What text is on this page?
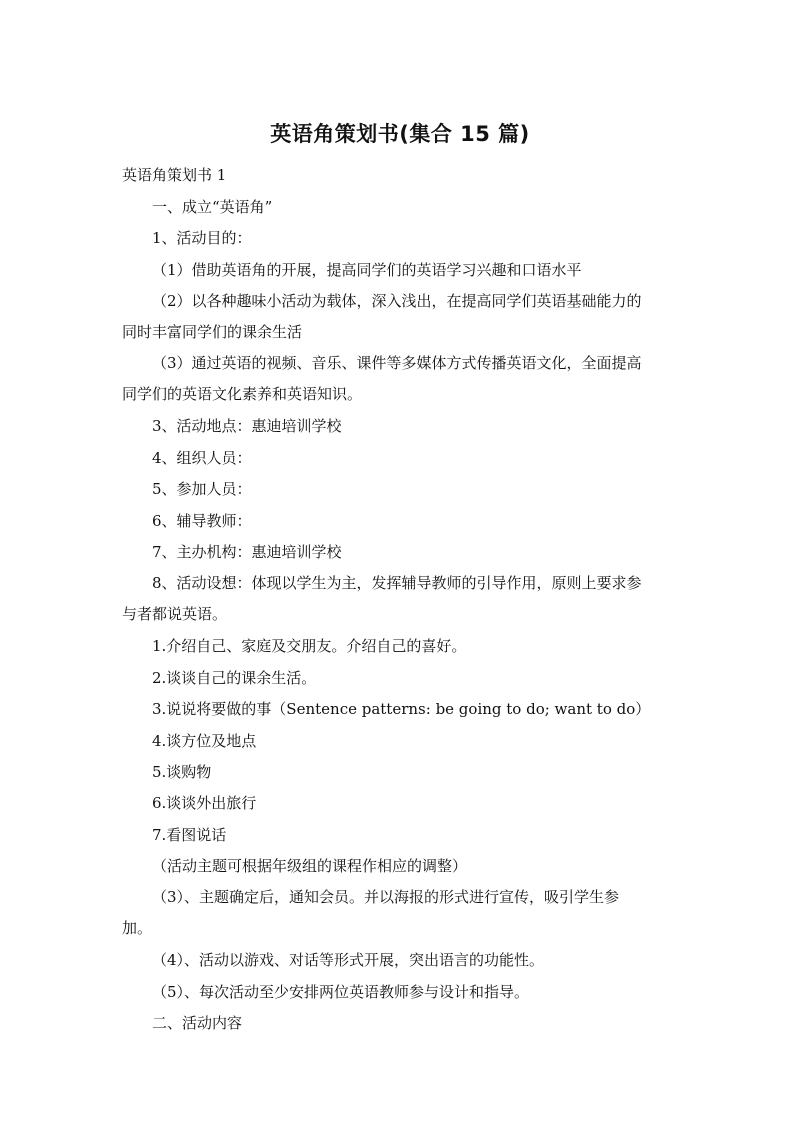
英语角策划书(集合 15 篇)
英语角策划书 1
一、成立“英语角”
1、活动目的：
（1）借助英语角的开展，提高同学们的英语学习兴趣和口语水平
（2）以各种趣味小活动为载体，深入浅出，在提高同学们英语基础能力的
同时丰富同学们的课余生活
（3）通过英语的视频、音乐、课件等多媒体方式传播英语文化，全面提高
同学们的英语文化素养和英语知识。
3、活动地点：惠迪培训学校
4、组织人员：
5、参加人员：
6、辅导教师：
7、主办机构：惠迪培训学校
8、活动设想：体现以学生为主，发挥辅导教师的引导作用，原则上要求参
与者都说英语。
1.介绍自己、家庭及交朋友。介绍自己的喜好。
2.谈谈自己的课余生活。
3.说说将要做的事（Sentence patterns: be going to do; want to do）
4.谈方位及地点
5.谈购物
6.谈谈外出旅行
7.看图说话
（活动主题可根据年级组的课程作相应的调整）
（3）、主题确定后，通知会员。并以海报的形式进行宣传，吸引学生参
加。
（4）、活动以游戏、对话等形式开展，突出语言的功能性。
（5）、每次活动至少安排两位英语教师参与设计和指导。
二、活动内容
